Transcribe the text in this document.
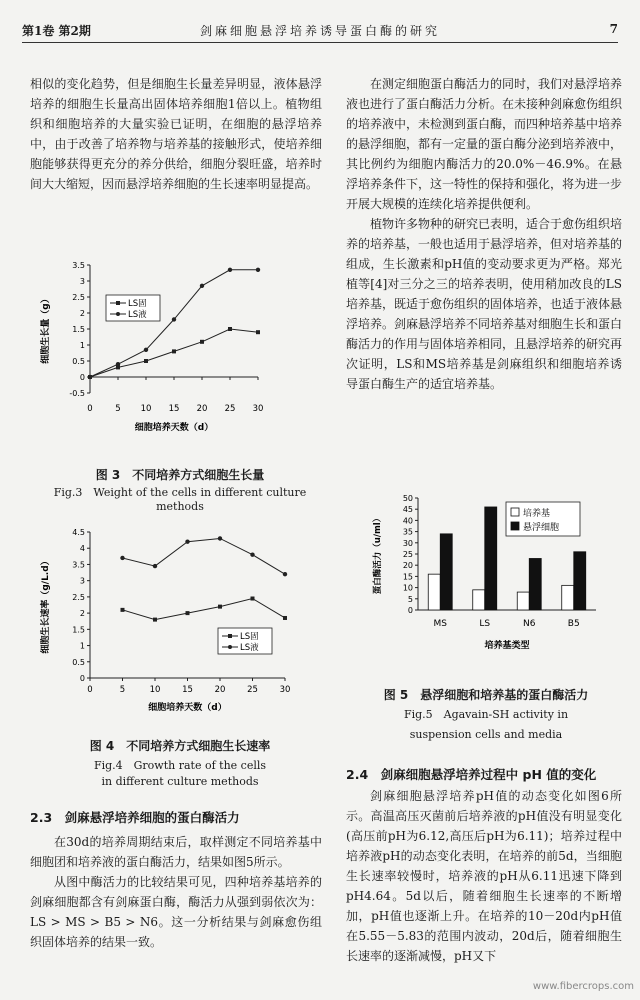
第1卷 第2期	剑麻细胞悬浮培养诱导蛋白酶的研究	7

相似的变化趋势，但是细胞生长量差异明显，液体悬浮培养的细胞生长量高出固体培养细胞1倍以上。植物组织和细胞培养的大量实验已证明，在细胞的悬浮培养中，由于改善了培养物与培养基的接触形式，使培养细胞能够获得更充分的养分供给，细胞分裂旺盛，培养时间大大缩短，因而悬浮培养细胞的生长速率明显提高。

-0.5
0
0.5
1
1.5
2
2.5
3
3.5
0	5 10 15 20 25 30
LS固
LS液
细胞培养天数（d）
细胞生长量（g）
图 3　不同培养方式细胞生长量
Fig.3　Weight of the cells in different culture methods
0
0.5
1
1.5
2
2.5
3
3.5
4
4.5
0	5	10	15	20	25	30
LS固
LS液
细胞培养天数（d）
细胞生长速率（g/L.d）
图 4　不同培养方式细胞生长速率
Fig.4　Growth rate of the cells
in different culture methods
2.3　剑麻悬浮培养细胞的蛋白酶活力

在30d的培养周期结束后，取样测定不同培养基中细胞团和培养液的蛋白酶活力，结果如图5所示。

从图中酶活力的比较结果可见，四种培养基培养的剑麻细胞都含有剑麻蛋白酶，酶活力从强到弱依次为：LS > MS > B5 > N6。这一分析结果与剑麻愈伤组织固体培养的结果一致。

在测定细胞蛋白酶活力的同时，我们对悬浮培养液也进行了蛋白酶活力分析。在未接种剑麻愈伤组织的培养液中，未检测到蛋白酶，而四种培养基中培养的悬浮细胞，都有一定量的蛋白酶分泌到培养液中，其比例约为细胞内酶活力的20.0%－46.9%。在悬浮培养条件下，这一特性的保持和强化，将为进一步开展大规模的连续化培养提供便利。

植物许多物种的研究已表明，适合于愈伤组织培养的培养基，一般也适用于悬浮培养，但对培养基的组成，生长激素和pH值的变动要求更为严格。郑光植等[4]对三分之三的培养表明，使用稍加改良的LS培养基，既适于愈伤组织的固体培养，也适于液体悬浮培养。剑麻悬浮培养不同培养基对细胞生长和蛋白酶活力的作用与固体培养相同，且悬浮培养的研究再次证明，LS和MS培养基是剑麻组织和细胞培养诱导蛋白酶生产的适宜培养基。

0
5
10
15
20
25
30
35
40
45
50
MS	LS	N6	B5
培养基
悬浮细胞
培养基类型
蛋白酶活力（u/ml）
图 5　悬浮细胞和培养基的蛋白酶活力
Fig.5　Agavain-SH activity in
suspension cells and media
2.4　剑麻细胞悬浮培养过程中 pH 值的变化

剑麻细胞悬浮培养pH值的动态变化如图6所示。高温高压灭菌前后培养液的pH值没有明显变化(高压前pH为6.12,高压后pH为6.11)；培养过程中培养液pH的动态变化表明，在培养的前5d，当细胞生长速率较慢时，培养液的pH从6.11迅速下降到pH4.64。5d以后，随着细胞生长速率的不断增加，pH值也逐渐上升。在培养的10－20d内pH值在5.55－5.83的范围内波动，20d后，随着细胞生长速率的逐渐减慢，pH又下

www.fibercrops.com
